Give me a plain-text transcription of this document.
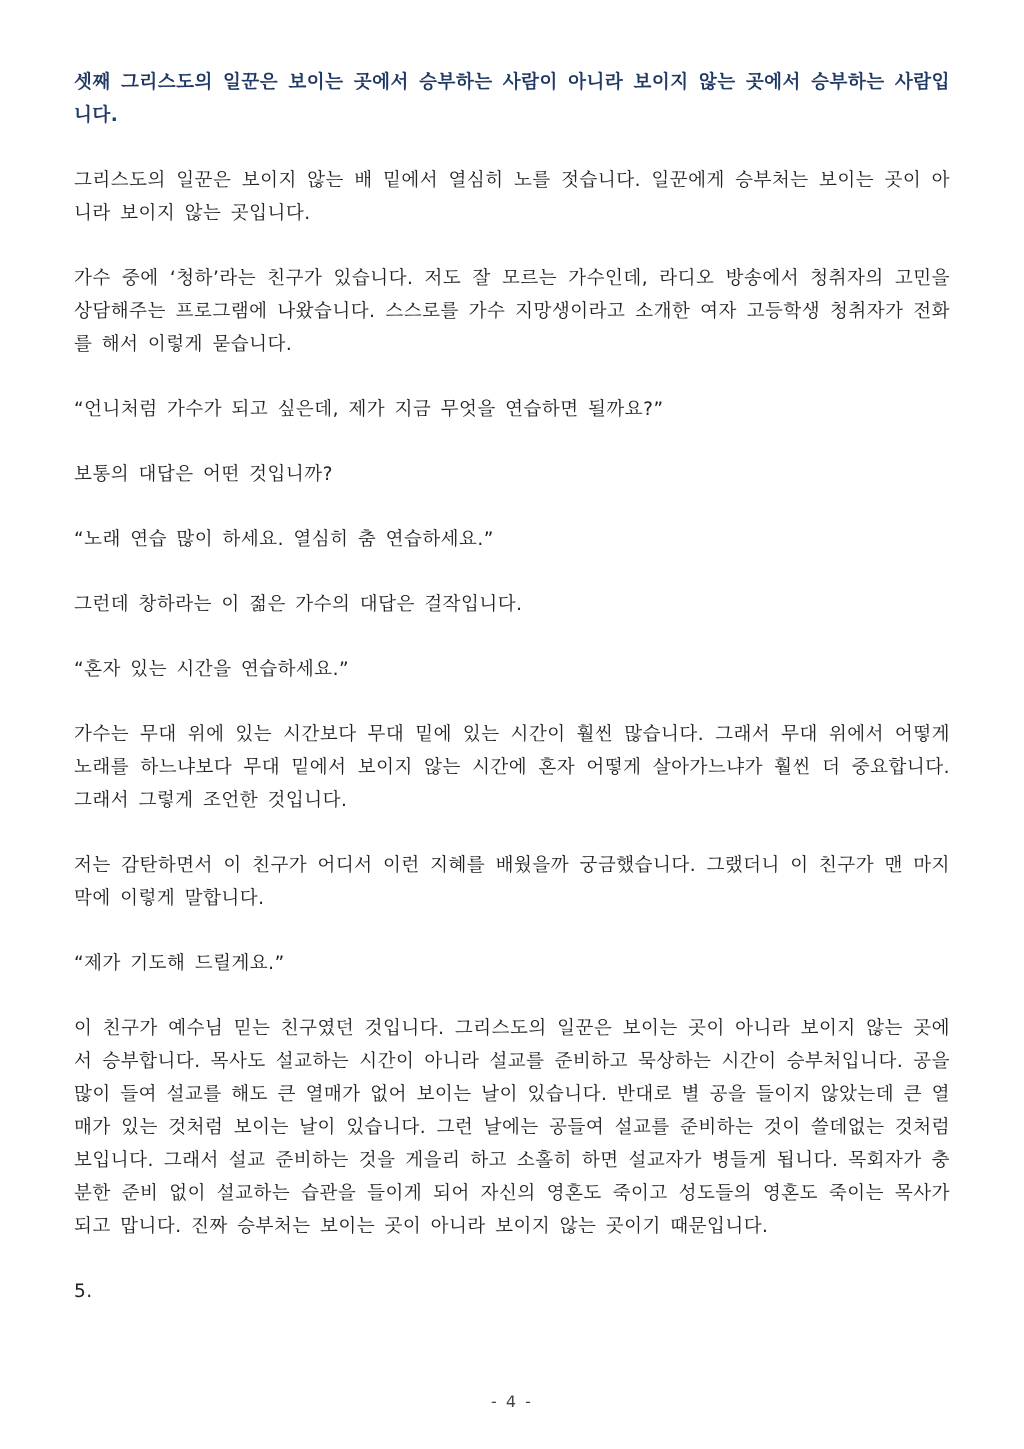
셋째 그리스도의 일꾼은 보이는 곳에서 승부하는 사람이 아니라 보이지 않는 곳에서 승부하는 사람입니다.

그리스도의 일꾼은 보이지 않는 배 밑에서 열심히 노를 젓습니다. 일꾼에게 승부처는 보이는 곳이 아니라 보이지 않는 곳입니다.

가수 중에 ‘청하’라는 친구가 있습니다. 저도 잘 모르는 가수인데, 라디오 방송에서 청취자의 고민을 상담해주는 프로그램에 나왔습니다. 스스로를 가수 지망생이라고 소개한 여자 고등학생 청취자가 전화를 해서 이렇게 묻습니다.

“언니처럼 가수가 되고 싶은데, 제가 지금 무엇을 연습하면 될까요?”

보통의 대답은 어떤 것입니까?

“노래 연습 많이 하세요. 열심히 춤 연습하세요.”

그런데 창하라는 이 젊은 가수의 대답은 걸작입니다.

“혼자 있는 시간을 연습하세요.”

가수는 무대 위에 있는 시간보다 무대 밑에 있는 시간이 훨씬 많습니다. 그래서 무대 위에서 어떻게 노래를 하느냐보다 무대 밑에서 보이지 않는 시간에 혼자 어떻게 살아가느냐가 훨씬 더 중요합니다. 그래서 그렇게 조언한 것입니다.

저는 감탄하면서 이 친구가 어디서 이런 지혜를 배웠을까 궁금했습니다. 그랬더니 이 친구가 맨 마지막에 이렇게 말합니다.

“제가 기도해 드릴게요.”

이 친구가 예수님 믿는 친구였던 것입니다. 그리스도의 일꾼은 보이는 곳이 아니라 보이지 않는 곳에서 승부합니다. 목사도 설교하는 시간이 아니라 설교를 준비하고 묵상하는 시간이 승부처입니다. 공을 많이 들여 설교를 해도 큰 열매가 없어 보이는 날이 있습니다. 반대로 별 공을 들이지 않았는데 큰 열매가 있는 것처럼 보이는 날이 있습니다. 그런 날에는 공들여 설교를 준비하는 것이 쓸데없는 것처럼 보입니다. 그래서 설교 준비하는 것을 게을리 하고 소홀히 하면 설교자가 병들게 됩니다. 목회자가 충분한 준비 없이 설교하는 습관을 들이게 되어 자신의 영혼도 죽이고 성도들의 영혼도 죽이는 목사가 되고 맙니다. 진짜 승부처는 보이는 곳이 아니라 보이지 않는 곳이기 때문입니다.

5.

- 4 -
